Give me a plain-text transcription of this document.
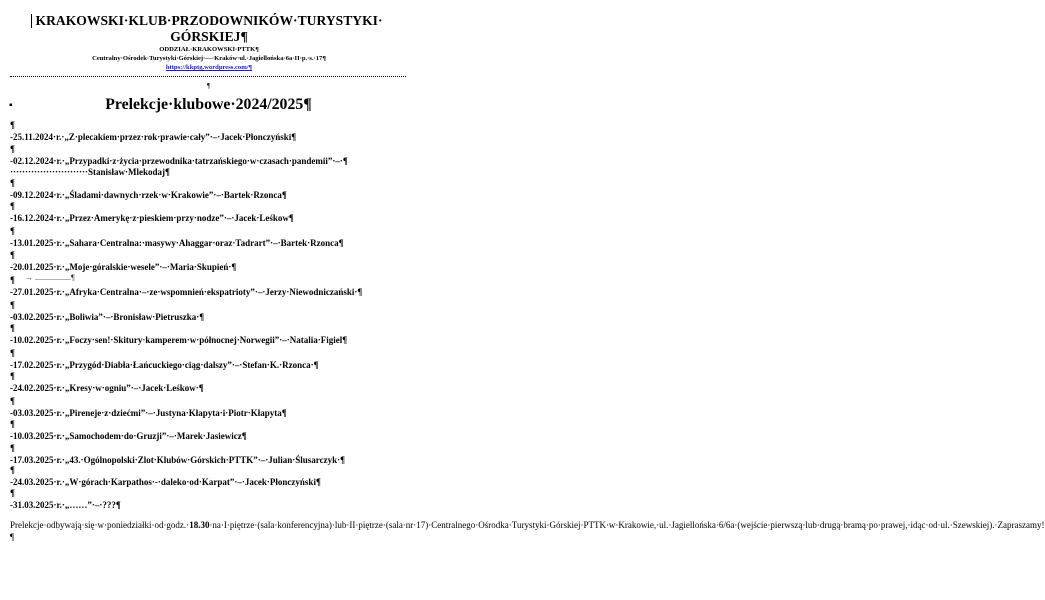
KRAKOWSKI·KLUB·PRZODOWNIKÓW·TURYSTYKI· GÓRSKIEJ¶
ODDZIAŁ·KRAKOWSKI·PTTK¶
Centralny·Ośrodek·Turystyki·Górskiej·—·Kraków·ul.·Jagiellońska·6a·II·p.·s.·17¶
https://kkptg.wordpress.com/¶
¶
▪	Prelekcje·klubowe·2024/2025¶
¶
-25.11.2024·r.·„Z·plecakiem·przez·rok·prawie·cały”·–·Jacek·Płonczyński¶
¶
-02.12.2024·r.·„Przypadki·z·życia·przewodnika·tatrzańskiego·w·czasach·pandemii”·–·¶
··························Stanisław·Mlekodaj¶
¶
-09.12.2024·r.·„Śladami·dawnych·rzek·w·Krakowie”·–·Bartek·Rzonca¶
¶
-16.12.2024·r.·„Przez·Amerykę·z·pieskiem·przy·nodze”·–·Jacek·Leśkow¶
¶
-13.01.2025·r.·„Sahara·Centralna:·masywy·Ahaggar·oraz·Tadrart”·–·Bartek·Rzonca¶
¶
-20.01.2025·r.·„Moje·góralskie·wesele”·–·Maria·Skupień·¶
¶
-27.01.2025·r.·„Afryka·Centralna·–·ze·wspomnień·ekspatrioty”·–·Jerzy·Niewodniczański·¶
¶
-03.02.2025·r.·„Boliwia”·–·Bronisław·Pietruszka·¶
¶
-10.02.2025·r.·„Foczy·sen!·Skitury·kamperem·w·północnej·Norwegii”·–·Natalia·Figiel¶
¶
-17.02.2025·r.·„Przygód·Diabła·Łańcuckiego·ciąg·dalszy”·–·Stefan·K.·Rzonca·¶
¶
-24.02.2025·r.·„Kresy·w·ogniu”·–·Jacek·Leśkow·¶
¶
-03.03.2025·r.·„Pireneje·z·dziećmi”·–·Justyna·Kłapyta·i·Piotr·Kłapyta¶
¶
-10.03.2025·r.·„Samochodem·do·Gruzji”·–·Marek·Jasiewicz¶
¶
-17.03.2025·r.·„43.·Ogólnopolski·Zlot·Klubów·Górskich·PTTK”·–·Julian·Ślusarczyk·¶
¶
-24.03.2025·r.·„W·górach·Karpathos·-·daleko·od·Karpat”·–·Jacek·Płonczyński¶
¶
-31.03.2025·r.·„……”·–·???¶
→ ..................¶
Prelekcje·odbywają·się·w·poniedziałki·od·godz.·18.30·na·I·piętrze·(sala·konferencyjna)·lub·II·piętrze·(sala·nr·17)·Centralnego·Ośrodka·Turystyki·Górskiej·PTTK·w·Krakowie,·ul.·Jagiellońska·6/6a·(wejście·pierwszą·lub·drugą·bramą·po·prawej,·idąc·od·ul.·Szewskiej).·Zapraszamy!¶
